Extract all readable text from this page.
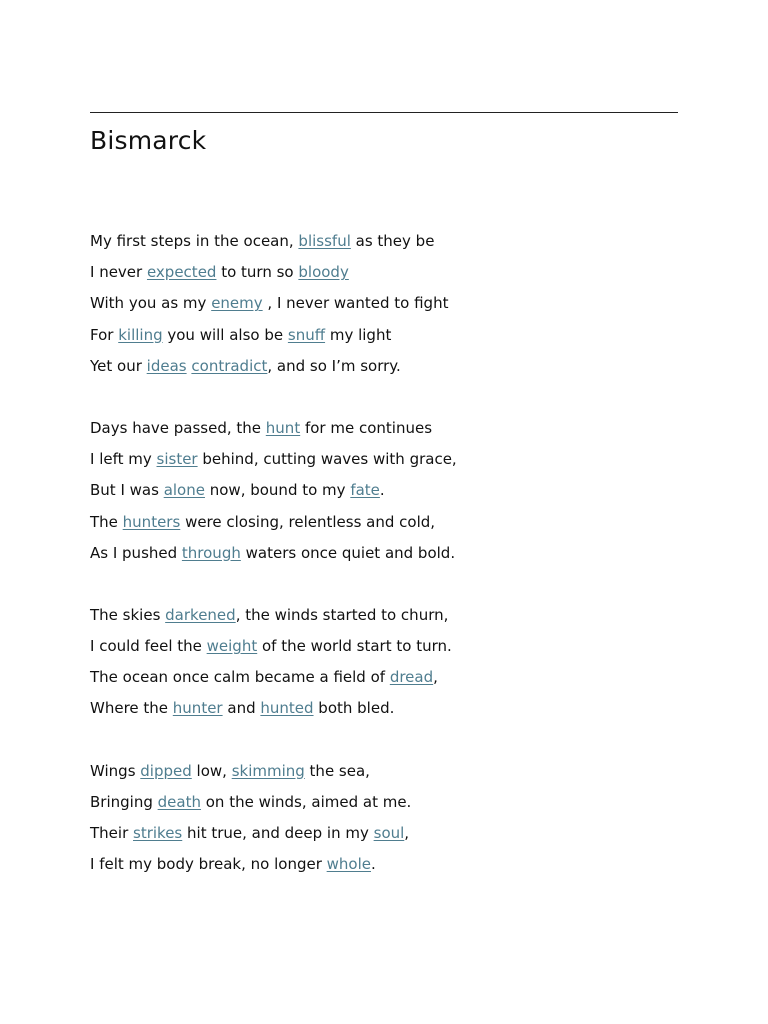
Bismarck
My first steps in the ocean, blissful as they be
I never expected to turn so bloody
With you as my enemy , I never wanted to fight
For killing you will also be snuff my light
Yet our ideas contradict, and so I’m sorry.
Days have passed, the hunt for me continues
I left my sister behind, cutting waves with grace,
But I was alone now, bound to my fate.
The hunters were closing, relentless and cold,
As I pushed through waters once quiet and bold.
The skies darkened, the winds started to churn,
I could feel the weight of the world start to turn.
The ocean once calm became a field of dread,
Where the hunter and hunted both bled.
Wings dipped low, skimming the sea,
Bringing death on the winds, aimed at me.
Their strikes hit true, and deep in my soul,
I felt my body break, no longer whole.
